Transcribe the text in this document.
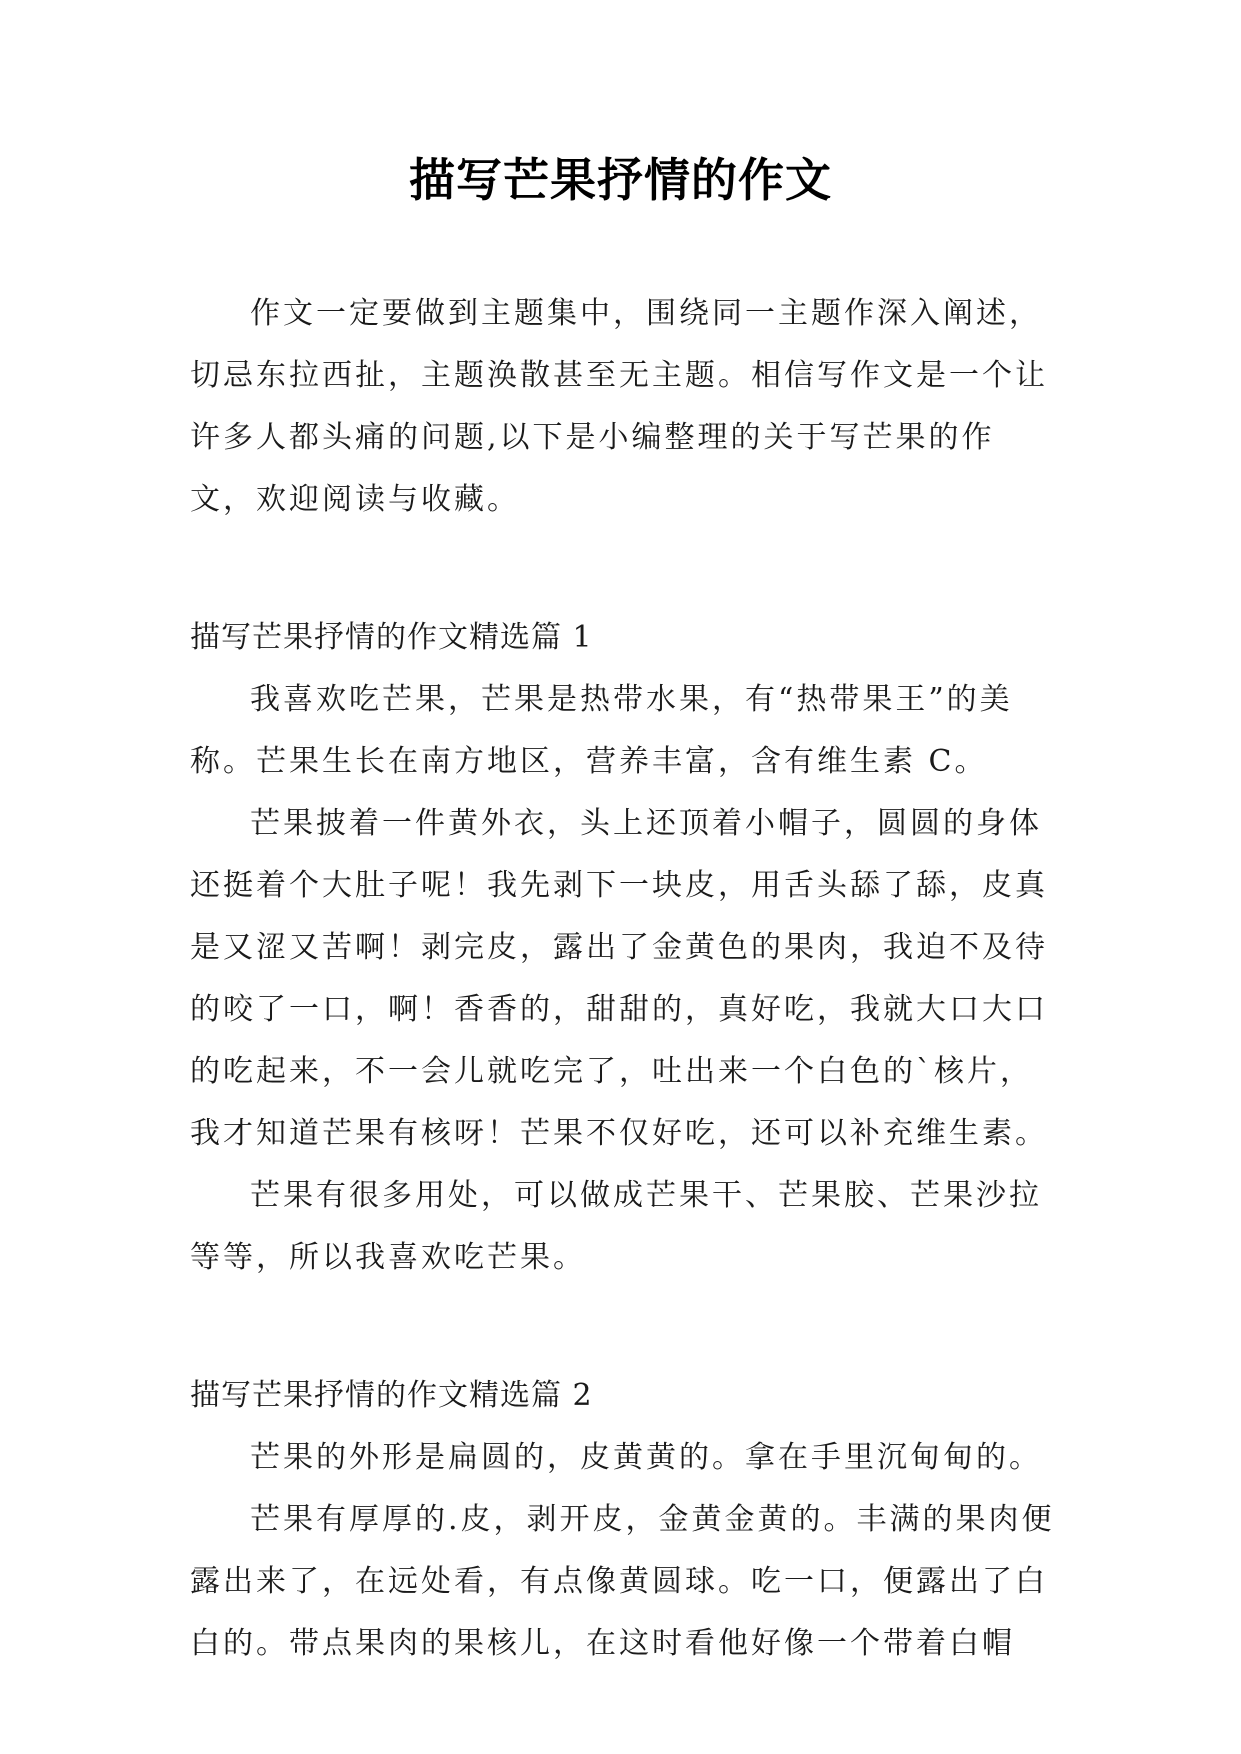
描写芒果抒情的作文

作文一定要做到主题集中，围绕同一主题作深入阐述，切忌东拉西扯，主题涣散甚至无主题。相信写作文是一个让许多人都头痛的问题,以下是小编整理的关于写芒果的作文，欢迎阅读与收藏。

描写芒果抒情的作文精选篇 1

我喜欢吃芒果，芒果是热带水果，有“热带果王”的美称。芒果生长在南方地区，营养丰富，含有维生素 C。

芒果披着一件黄外衣，头上还顶着小帽子，圆圆的身体还挺着个大肚子呢！我先剥下一块皮，用舌头舔了舔，皮真是又涩又苦啊！剥完皮，露出了金黄色的果肉，我迫不及待的咬了一口，啊！香香的，甜甜的，真好吃，我就大口大口的吃起来，不一会儿就吃完了，吐出来一个白色的`核片，我才知道芒果有核呀！芒果不仅好吃，还可以补充维生素。

芒果有很多用处，可以做成芒果干、芒果胶、芒果沙拉等等，所以我喜欢吃芒果。

描写芒果抒情的作文精选篇 2

芒果的外形是扁圆的，皮黄黄的。拿在手里沉甸甸的。

芒果有厚厚的.皮，剥开皮，金黄金黄的。丰满的果肉便露出来了，在远处看，有点像黄圆球。吃一口，便露出了白白的。带点果肉的果核儿，在这时看他好像一个带着白帽
